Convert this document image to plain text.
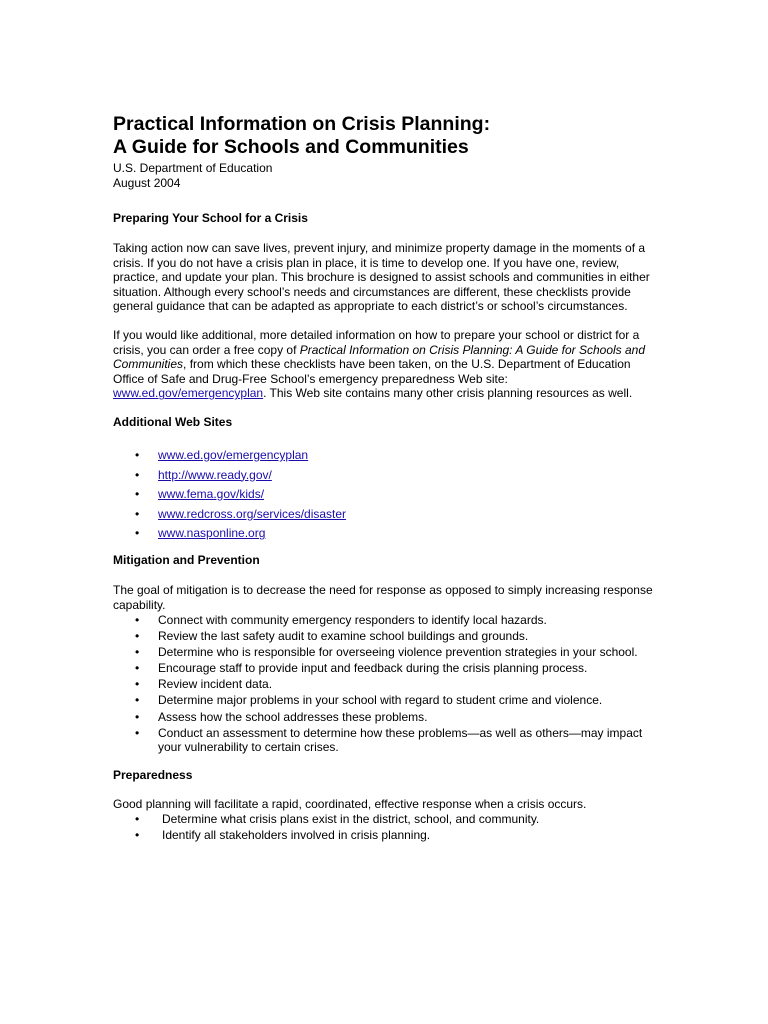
Practical Information on Crisis Planning:
A Guide for Schools and Communities

U.S. Department of Education

August 2004

Preparing Your School for a Crisis

Taking action now can save lives, prevent injury, and minimize property damage in the moments of a crisis. If you do not have a crisis plan in place, it is time to develop one. If you have one, review, practice, and update your plan. This brochure is designed to assist schools and communities in either situation. Although every school’s needs and circumstances are different, these checklists provide general guidance that can be adapted as appropriate to each district’s or school’s circumstances.

If you would like additional, more detailed information on how to prepare your school or district for a crisis, you can order a free copy of Practical Information on Crisis Planning: A Guide for Schools and Communities, from which these checklists have been taken, on the U.S. Department of Education Office of Safe and Drug-Free School’s emergency preparedness Web site: www.ed.gov/emergencyplan. This Web site contains many other crisis planning resources as well.

Additional Web Sites
• www.ed.gov/emergencyplan
• http://www.ready.gov/
• www.fema.gov/kids/
• www.redcross.org/services/disaster
• www.nasponline.org
Mitigation and Prevention

The goal of mitigation is to decrease the need for response as opposed to simply increasing response capability.

• Connect with community emergency responders to identify local hazards.
• Review the last safety audit to examine school buildings and grounds.
• Determine who is responsible for overseeing violence prevention strategies in your school.
• Encourage staff to provide input and feedback during the crisis planning process.
• Review incident data.
• Determine major problems in your school with regard to student crime and violence.
• Assess how the school addresses these problems.
• Conduct an assessment to determine how these problems—as well as others—may impact your vulnerability to certain crises.
Preparedness

Good planning will facilitate a rapid, coordinated, effective response when a crisis occurs.

• Determine what crisis plans exist in the district, school, and community.
• Identify all stakeholders involved in crisis planning.
